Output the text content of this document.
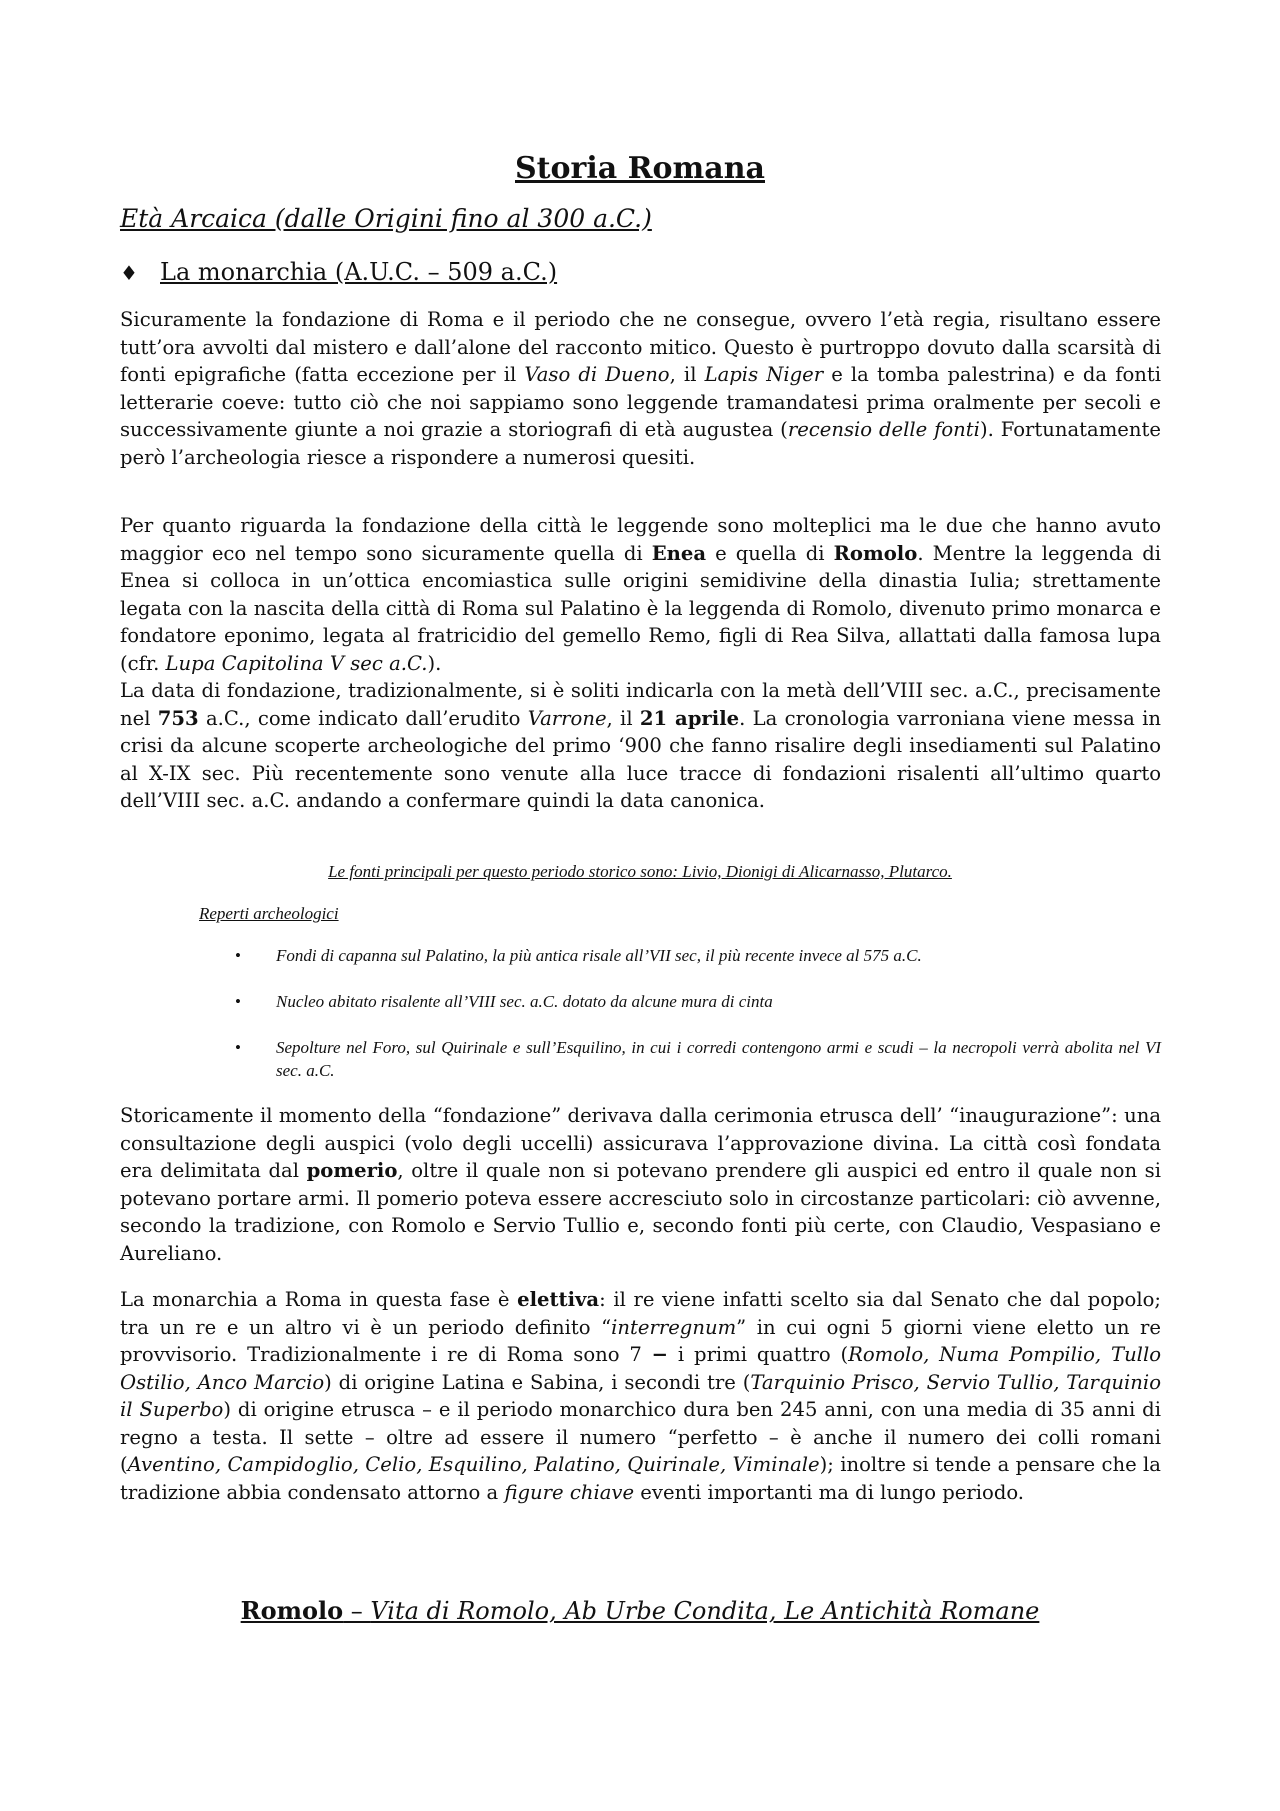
Storia Romana
Età Arcaica (dalle Origini fino al 300 a.C.)
♦ La monarchia (A.U.C. – 509 a.C.)

Sicuramente la fondazione di Roma e il periodo che ne consegue, ovvero l’età regia, risultano essere tutt’ora avvolti dal mistero e dall’alone del racconto mitico. Questo è purtroppo dovuto dalla scarsità di fonti epigrafiche (fatta eccezione per il Vaso di Dueno, il Lapis Niger e la tomba palestrina) e da fonti letterarie coeve: tutto ciò che noi sappiamo sono leggende tramandatesi prima oralmente per secoli e successivamente giunte a noi grazie a storiografi di età augustea (recensio delle fonti). Fortunatamente però l’archeologia riesce a rispondere a numerosi quesiti.

Per quanto riguarda la fondazione della città le leggende sono molteplici ma le due che hanno avuto maggior eco nel tempo sono sicuramente quella di Enea e quella di Romolo. Mentre la leggenda di Enea si colloca in un’ottica encomiastica sulle origini semidivine della dinastia Iulia; strettamente legata con la nascita della città di Roma sul Palatino è la leggenda di Romolo, divenuto primo monarca e fondatore eponimo, legata al fratricidio del gemello Remo, figli di Rea Silva, allattati dalla famosa lupa (cfr. Lupa Capitolina V sec a.C.).

La data di fondazione, tradizionalmente, si è soliti indicarla con la metà dell’VIII sec. a.C., precisamente nel 753 a.C., come indicato dall’erudito Varrone, il 21 aprile. La cronologia varroniana viene messa in crisi da alcune scoperte archeologiche del primo ‘900 che fanno risalire degli insediamenti sul Palatino al X-IX sec. Più recentemente sono venute alla luce tracce di fondazioni risalenti all’ultimo quarto dell’VIII sec. a.C. andando a confermare quindi la data canonica.

Le fonti principali per questo periodo storico sono: Livio, Dionigi di Alicarnasso, Plutarco.
Reperti archeologici
• Fondi di capanna sul Palatino, la più antica risale all’VII sec, il più recente invece al 575 a.C.
• Nucleo abitato risalente all’VIII sec. a.C. dotato da alcune mura di cinta
• Sepolture nel Foro, sul Quirinale e sull’Esquilino, in cui i corredi contengono armi e scudi – la necropoli verrà abolita nel VI sec. a.C.

Storicamente il momento della “fondazione” derivava dalla cerimonia etrusca dell’ “inaugurazione”: una consultazione degli auspici (volo degli uccelli) assicurava l’approvazione divina. La città così fondata era delimitata dal pomerio, oltre il quale non si potevano prendere gli auspici ed entro il quale non si potevano portare armi. Il pomerio poteva essere accresciuto solo in circostanze particolari: ciò avvenne, secondo la tradizione, con Romolo e Servio Tullio e, secondo fonti più certe, con Claudio, Vespasiano e Aureliano.

La monarchia a Roma in questa fase è elettiva: il re viene infatti scelto sia dal Senato che dal popolo; tra un re e un altro vi è un periodo definito “interregnum” in cui ogni 5 giorni viene eletto un re provvisorio. Tradizionalmente i re di Roma sono 7 − i primi quattro (Romolo, Numa Pompilio, Tullo Ostilio, Anco Marcio) di origine Latina e Sabina, i secondi tre (Tarquinio Prisco, Servio Tullio, Tarquinio il Superbo) di origine etrusca – e il periodo monarchico dura ben 245 anni, con una media di 35 anni di regno a testa. Il sette – oltre ad essere il numero “perfetto – è anche il numero dei colli romani (Aventino, Campidoglio, Celio, Esquilino, Palatino, Quirinale, Viminale); inoltre si tende a pensare che la tradizione abbia condensato attorno a figure chiave eventi importanti ma di lungo periodo.

Romolo – Vita di Romolo, Ab Urbe Condita, Le Antichità Romane
